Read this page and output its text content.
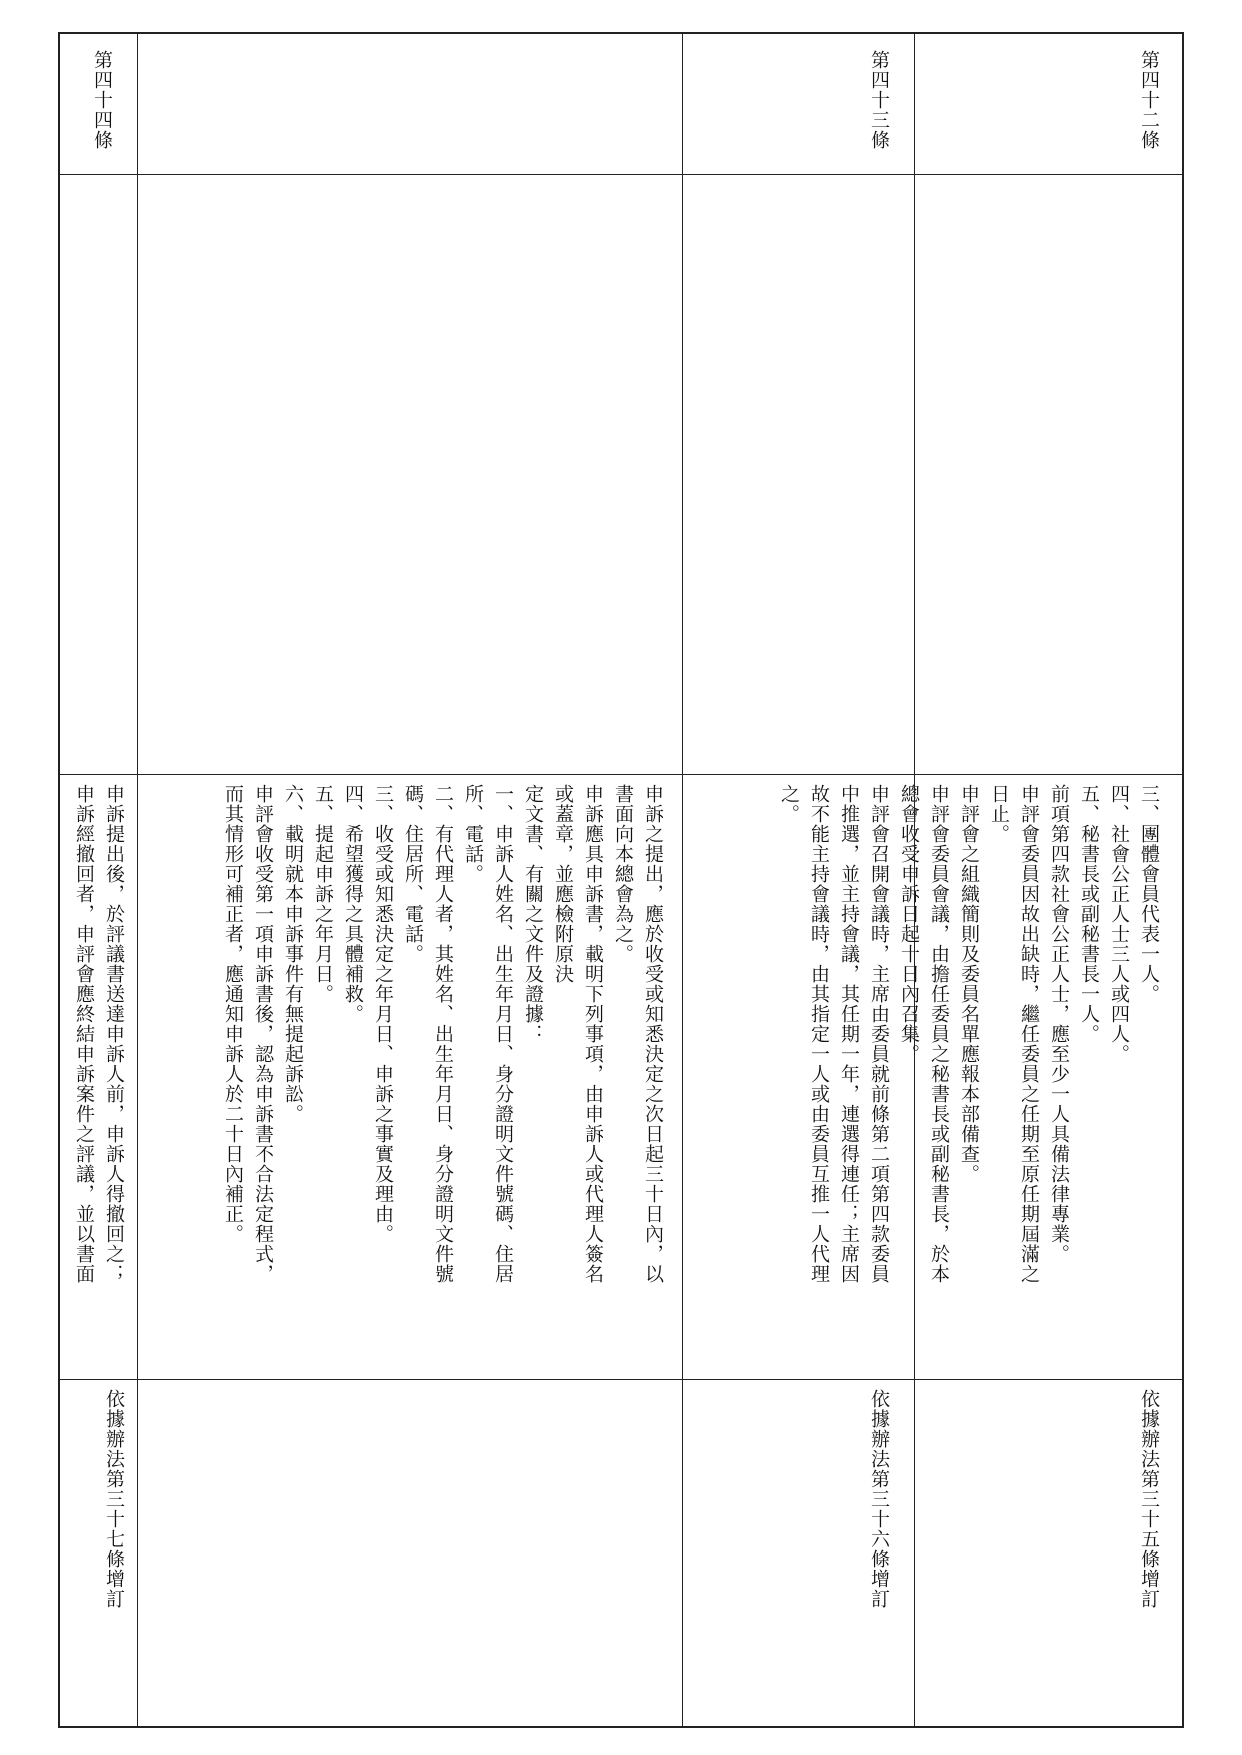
第四十二條
三、團體會員代表一人。
四、社會公正人士三人或四人。
五、秘書長或副秘書長一人。
前項第四款社會公正人士，應至少一人具備法律專業。
申評會委員因故出缺時，繼任委員之任期至原任期屆滿之
日止。
申評會之組織簡則及委員名單應報本部備查。
申評會委員會議，由擔任委員之秘書長或副秘書長，於本
總會收受申訴日起十日內召集。
申評會召開會議時，主席由委員就前條第二項第四款委員
中推選，並主持會議，其任期一年，連選得連任；主席因
故不能主持會議時，由其指定一人或由委員互推一人代理
之。
依據辦法第三十五條增訂
第四十三條
依據辦法第三十六條增訂
申訴之提出，應於收受或知悉決定之次日起三十日內，以
書面向本總會為之。
申訴應具申訴書，載明下列事項，由申訴人或代理人簽名
或蓋章，並應檢附原決
定文書、有關之文件及證據：
一、申訴人姓名、出生年月日、身分證明文件號碼、住居
所、電話。
二、有代理人者，其姓名、出生年月日、身分證明文件號
碼、住居所、電話。
三、收受或知悉決定之年月日、申訴之事實及理由。
四、希望獲得之具體補救。
五、提起申訴之年月日。
六、載明就本申訴事件有無提起訴訟。
申評會收受第一項申訴書後，認為申訴書不合法定程式，
而其情形可補正者，應通知申訴人於二十日內補正。
第四十四條
申訴提出後，於評議書送達申訴人前，申訴人得撤回之；
申訴經撤回者，申評會應終結申訴案件之評議，並以書面
依據辦法第三十七條增訂
